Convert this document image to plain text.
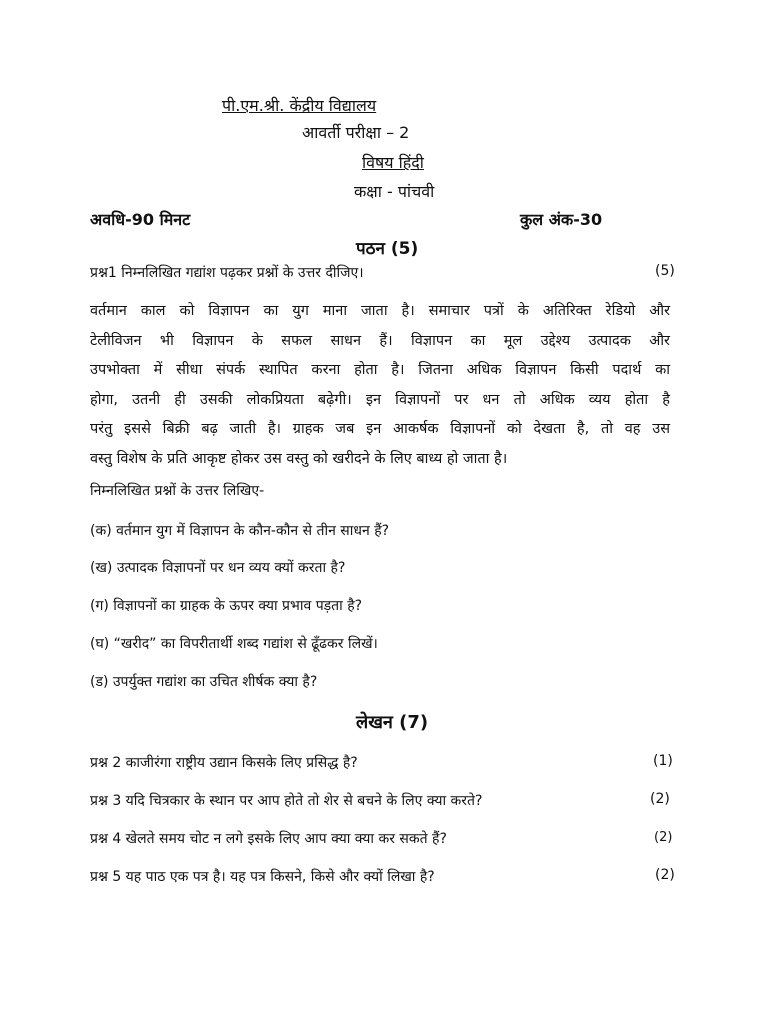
पी.एम.श्री. केंद्रीय विद्यालय
आवर्ती परीक्षा – 2
विषय हिंदी
कक्षा - पांचवी
अवधि-90 मिनट	कुल अंक-30
पठन (5)
प्रश्न1 निम्नलिखित गद्यांश पढ़कर प्रश्नों के उत्तर दीजिए।	(5)

वर्तमान काल को विज्ञापन का युग माना जाता है। समाचार पत्रों के अतिरिक्त रेडियो और

टेलीविजन भी विज्ञापन के सफल साधन हैं। विज्ञापन का मूल उद्देश्य उत्पादक और

उपभोक्ता में सीधा संपर्क स्थापित करना होता है। जितना अधिक विज्ञापन किसी पदार्थ का

होगा, उतनी ही उसकी लोकप्रियता बढ़ेगी। इन विज्ञापनों पर धन तो अधिक व्यय होता है

परंतु इससे बिक्री बढ़ जाती है। ग्राहक जब इन आकर्षक विज्ञापनों को देखता है, तो वह उस

वस्तु विशेष के प्रति आकृष्ट होकर उस वस्तु को खरीदने के लिए बाध्य हो जाता है।

निम्नलिखित प्रश्नों के उत्तर लिखिए-
(क) वर्तमान युग में विज्ञापन के कौन-कौन से तीन साधन हैं?
(ख) उत्पादक विज्ञापनों पर धन व्यय क्यों करता है?
(ग) विज्ञापनों का ग्राहक के ऊपर क्या प्रभाव पड़ता है?
(घ) “खरीद” का विपरीतार्थी शब्द गद्यांश से ढूँढकर लिखें।
(ड) उपर्युक्त गद्यांश का उचित शीर्षक क्या है?
लेखन (7)
प्रश्न 2 काजीरंगा राष्ट्रीय उद्यान किसके लिए प्रसिद्ध है?	(1)
प्रश्न 3 यदि चित्रकार के स्थान पर आप होते तो शेर से बचने के लिए क्या करते?	(2)
प्रश्न 4 खेलते समय चोट न लगे इसके लिए आप क्या क्या कर सकते हैं?	(2)
प्रश्न 5 यह पाठ एक पत्र है। यह पत्र किसने, किसे और क्यों लिखा है?	(2)
